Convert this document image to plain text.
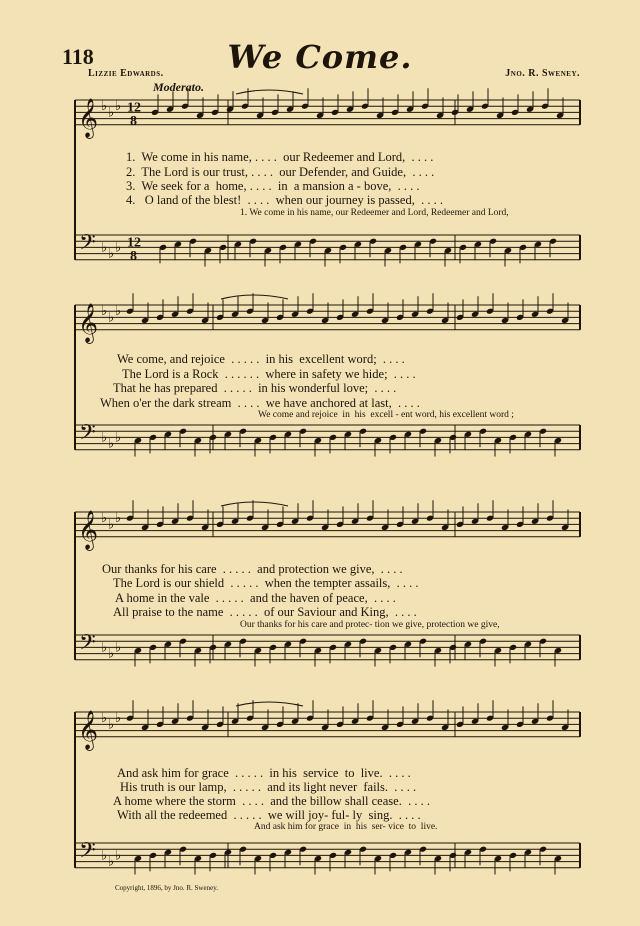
118	We Come.
Lizzie Edwards.	Jno. R. Sweney.
Moderato.
𝄞
𝄢
♭
♭
♭
♭
♭
♭
12
8
12
8
𝄞
𝄢
♭
♭
♭
♭
♭
♭
𝄞
𝄢
♭
♭
♭
♭
♭
♭
𝄞
𝄢
♭
♭
♭
♭
♭
♭
1.  We come in his name, . . . .  our Redeemer and Lord,  . . . .
2.  The Lord is our trust, . . . .  our Defender, and Guide,  . . . .
3.  We seek for a  home, . . . .  in  a mansion a - bove,  . . . .
4.   O land of the blest!  . . . .  when our journey is passed,  . . . .
1. We come in his name, our Redeemer and Lord, Redeemer and Lord,
We come, and rejoice  . . . . .  in his  excellent word;  . . . .
The Lord is a Rock  . . . . . .  where in safety we hide;  . . . .
That he has prepared  . . . . .  in his wonderful love;  . . . .
When o'er the dark stream  . . . .  we have anchored at last,  . . . .
We come and rejoice  in  his  excell - ent word, his excellent word ;
Our thanks for his care  . . . . .  and protection we give,  . . . .
The Lord is our shield  . . . . .  when the tempter assails,  . . . .
A home in the vale  . . . . .  and the haven of peace,  . . . .
All praise to the name  . . . . .  of our Saviour and King,  . . . .
Our thanks for his care and protec- tion we give, protection we give,
And ask him for grace  . . . . .  in his  service  to  live.  . . . .
His truth is our lamp,  . . . . .  and its light never  fails.  . . . .
A home where the storm  . . . .  and the billow shall cease.  . . . .
With all the redeemed  . . . . .  we will joy- ful- ly  sing.  . . . .
And ask him for grace  in  his  ser- vice  to  live.
Copyright, 1896, by Jno. R. Sweney.
